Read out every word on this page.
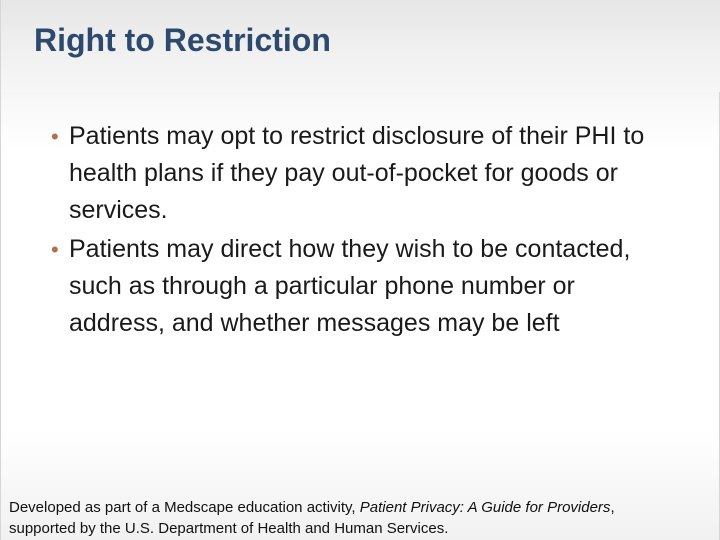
Right to Restriction
• Patients may opt to restrict disclosure of their PHI to health plans if they pay out-of-pocket for goods or services.
• Patients may direct how they wish to be contacted, such as through a particular phone number or address, and whether messages may be left
Developed as part of a Medscape education activity, Patient Privacy: A Guide for Providers,
supported by the U.S. Department of Health and Human Services.
